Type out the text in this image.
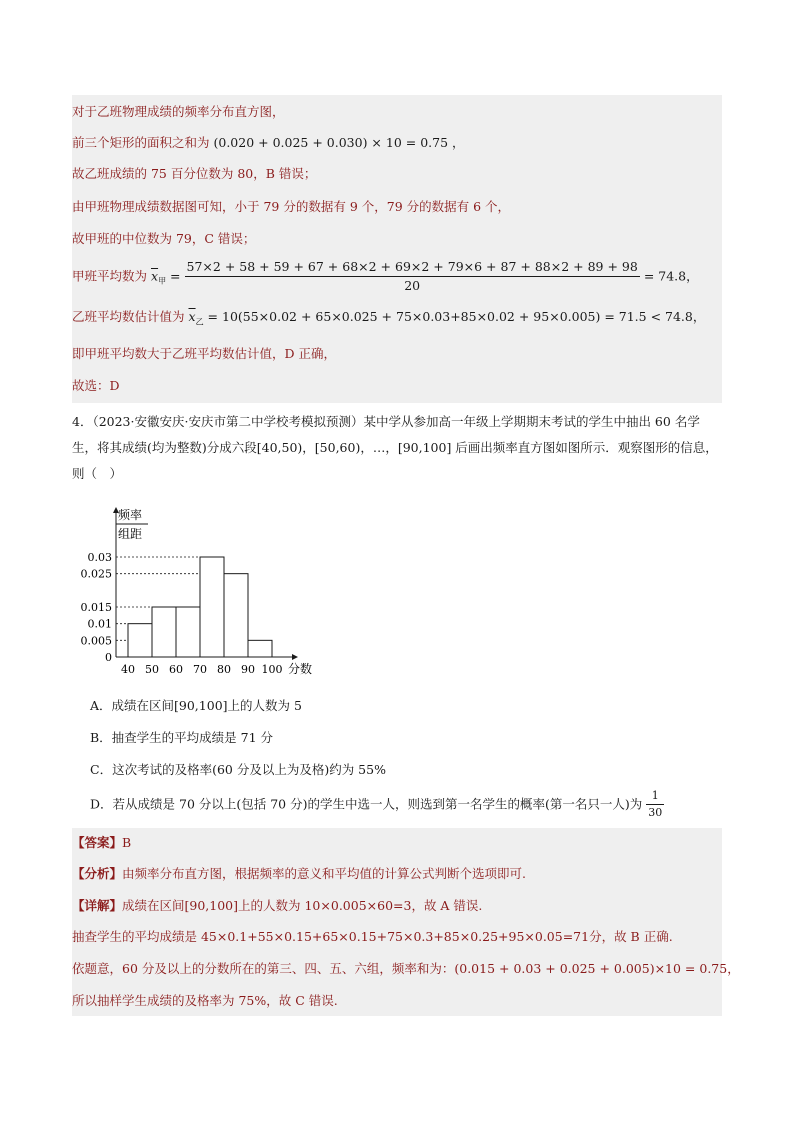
对于乙班物理成绩的频率分布直方图，
前三个矩形的面积之和为 (0.020 + 0.025 + 0.030) × 10 = 0.75 ，
故乙班成绩的 75 百分位数为 80，B 错误；
由甲班物理成绩数据图可知，小于 79 分的数据有 9 个，79 分的数据有 6 个，
故甲班的中位数为 79，C 错误；
甲班平均数为 $\overline{x}_甲$ =
57×2 + 58 + 59 + 67 + 68×2 + 69×2 + 79×6 + 87 + 88×2 + 89 + 98
20
= 74.8，
乙班平均数估计值为 $\overline{x}_乙 = 10(55\times 0.02 + 65\times 0.025 + 75\times 0.03+85\times 0.02 + 95\times 0.005) = 71.5 < 74.8$，
即甲班平均数大于乙班平均数估计值，D 正确，
故选：D
4．（2023·安徽安庆·安庆市第二中学校考模拟预测）某中学从参加高一年级上学期期末考试的学生中抽出 60 名学生，将其成绩(均为整数)分成六段[40,50)，[50,60)，…，[90,100] 后画出频率直方图如图所示．观察图形的信息，则（　）
频率
组距
分数
0.03
0.025
0.015
0.01
0.005
0
40 50 60 70 80 90 100
A．成绩在区间[90,100]上的人数为 5
B．抽查学生的平均成绩是 71 分
C．这次考试的及格率(60 分及以上为及格)约为 55%
D．若从成绩是 70 分以上(包括 70 分)的学生中选一人，则选到第一名学生的概率(第一名只一人)为 $\frac{1}{30}$
【答案】B
【分析】由频率分布直方图，根据频率的意义和平均值的计算公式判断个选项即可.
【详解】成绩在区间[90,100]上的人数为 10×0.005×60=3，故 A 错误.
抽查学生的平均成绩是 45×0.1+55×0.15+65×0.15+75×0.3+85×0.25+95×0.05=71分，故 B 正确.
依题意，60 分及以上的分数所在的第三、四、五、六组，频率和为：(0.015 + 0.03 + 0.025 + 0.005)×10 = 0.75，
所以抽样学生成绩的及格率为 75%，故 C 错误.
